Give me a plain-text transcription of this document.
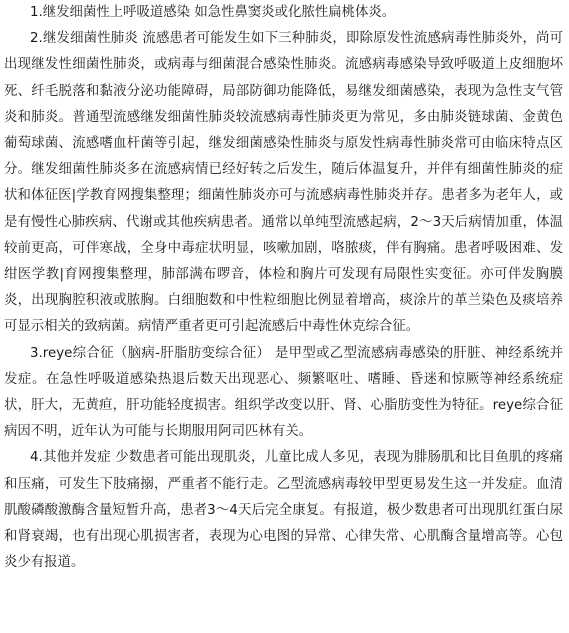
1.继发细菌性上呼吸道感染 如急性鼻窦炎或化脓性扁桃体炎。

2.继发细菌性肺炎 流感患者可能发生如下三种肺炎，即除原发性流感病毒性肺炎外，尚可出现继发性细菌性肺炎，或病毒与细菌混合感染性肺炎。流感病毒感染导致呼吸道上皮细胞坏死、纤毛脱落和黏液分泌功能障碍，局部防御功能降低，易继发细菌感染，表现为急性支气管炎和肺炎。普通型流感继发细菌性肺炎较流感病毒性肺炎更为常见，多由肺炎链球菌、金黄色葡萄球菌、流感嗜血杆菌等引起，继发细菌感染性肺炎与原发性病毒性肺炎常可由临床特点区分。继发细菌性肺炎多在流感病情已经好转之后发生，随后体温复升，并伴有细菌性肺炎的症状和体征医|学教育网搜集整理；细菌性肺炎亦可与流感病毒性肺炎并存。患者多为老年人，或是有慢性心肺疾病、代谢或其他疾病患者。通常以单纯型流感起病，2～3天后病情加重，体温较前更高，可伴寒战，全身中毒症状明显，咳嗽加剧，咯脓痰，伴有胸痛。患者呼吸困难、发绀医学教|育网搜集整理，肺部满布啰音，体检和胸片可发现有局限性实变征。亦可伴发胸膜炎，出现胸腔积液或脓胸。白细胞数和中性粒细胞比例显着增高，痰涂片的革兰染色及痰培养可显示相关的致病菌。病情严重者更可引起流感后中毒性休克综合征。

3.reye综合征（脑病-肝脂肪变综合征） 是甲型或乙型流感病毒感染的肝脏、神经系统并发症。在急性呼吸道感染热退后数天出现恶心、频繁呕吐、嗜睡、昏迷和惊厥等神经系统症状，肝大，无黄疸，肝功能轻度损害。组织学改变以肝、肾、心脂肪变性为特征。reye综合征病因不明，近年认为可能与长期服用阿司匹林有关。

4.其他并发症 少数患者可能出现肌炎，儿童比成人多见，表现为腓肠肌和比目鱼肌的疼痛和压痛，可发生下肢痛搦，严重者不能行走。乙型流感病毒较甲型更易发生这一并发症。血清肌酸磷酸激酶含量短暂升高，患者3～4天后完全康复。有报道，极少数患者可出现肌红蛋白尿和肾衰竭，也有出现心肌损害者，表现为心电图的异常、心律失常、心肌酶含量增高等。心包炎少有报道。
